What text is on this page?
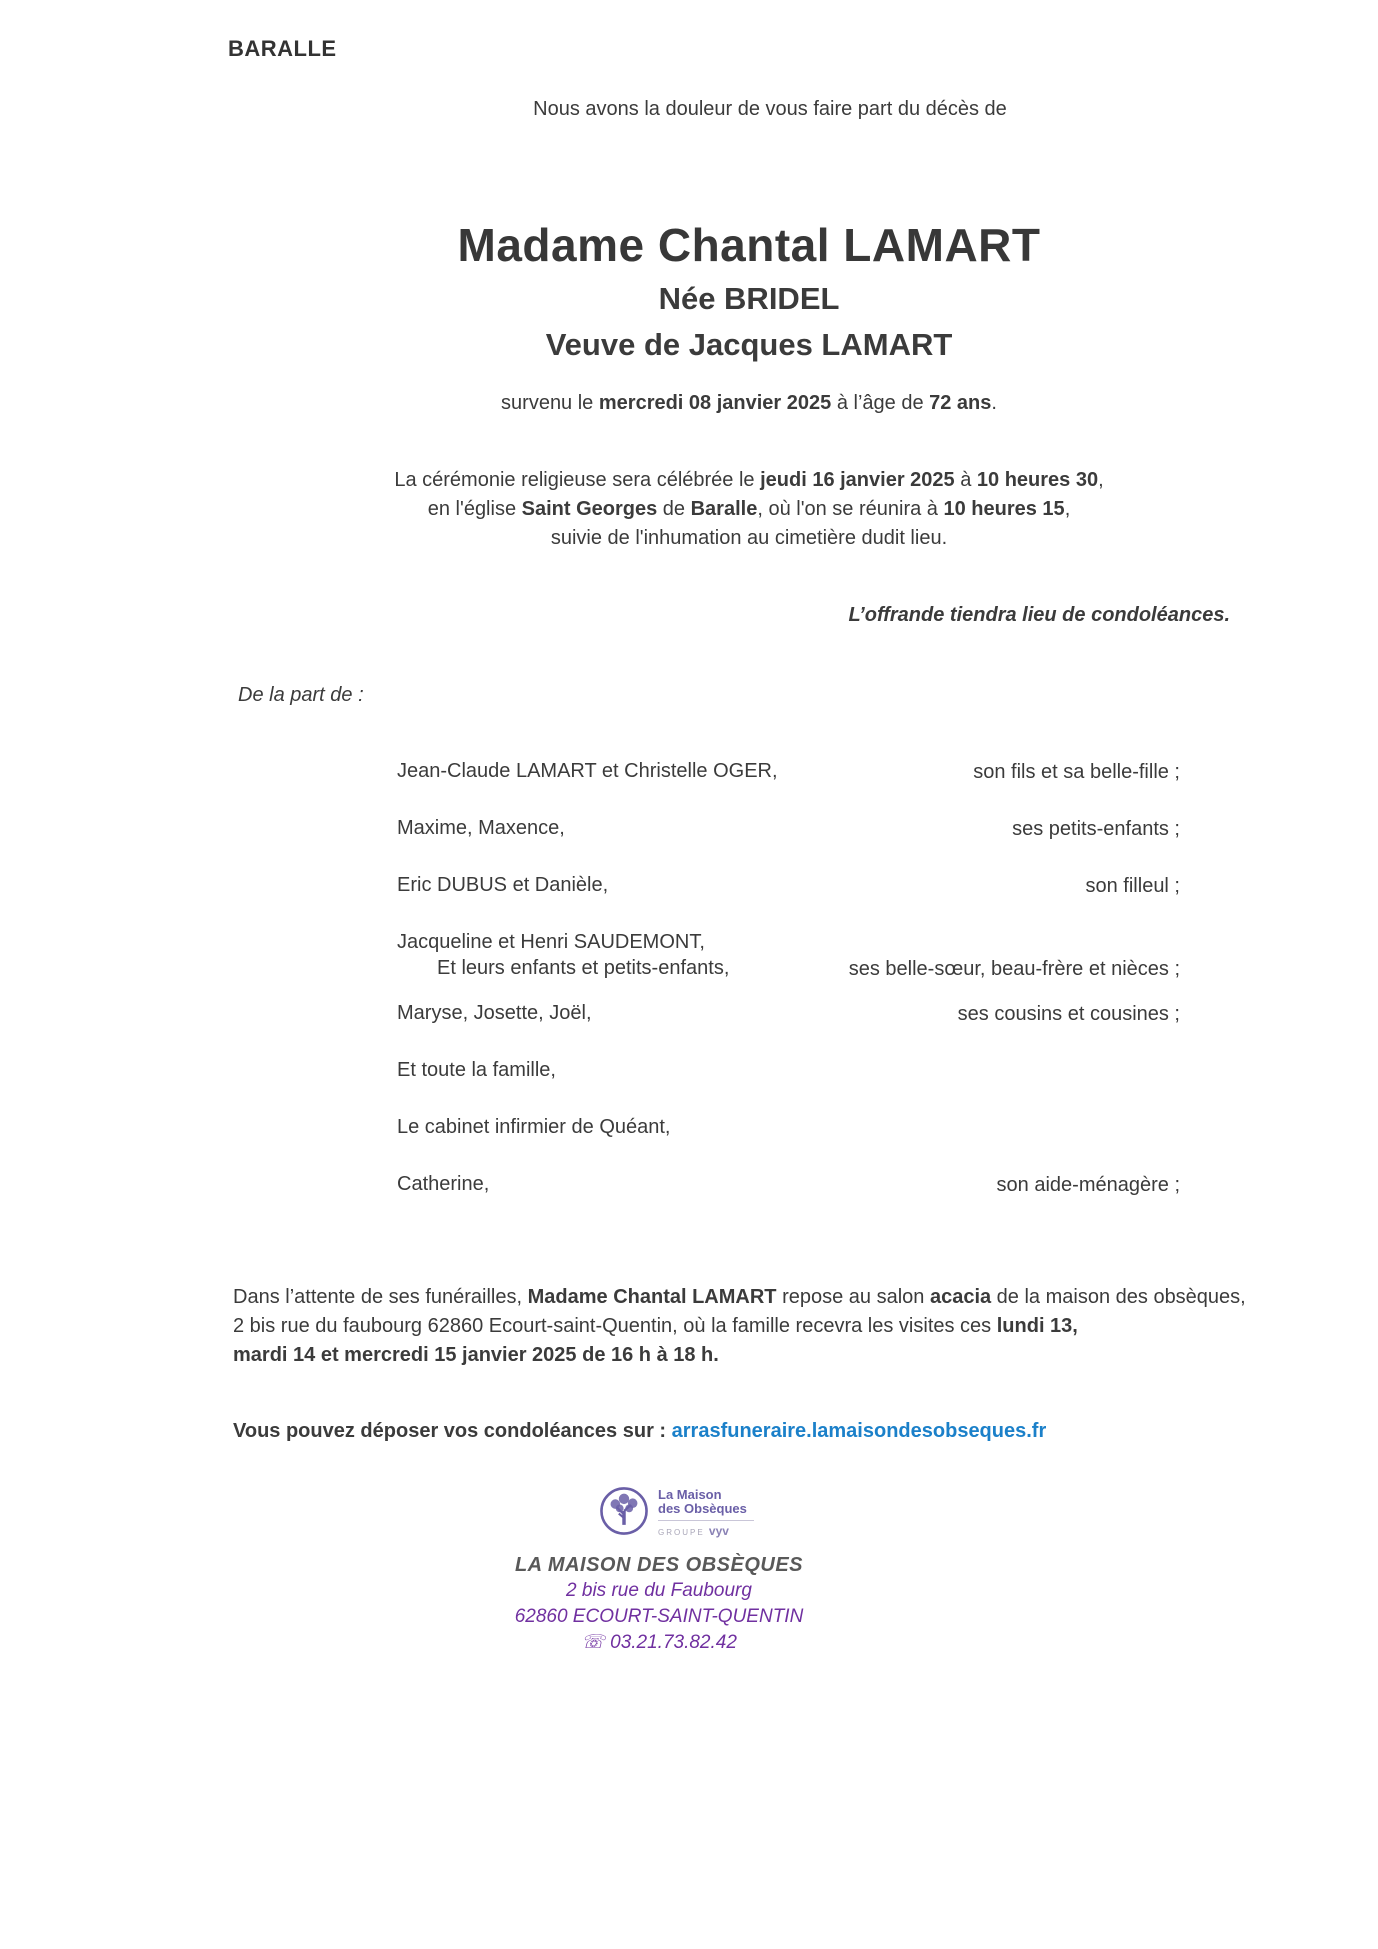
BARALLE
Nous avons la douleur de vous faire part du décès de
Madame Chantal LAMART
Née BRIDEL
Veuve de Jacques LAMART
survenu le mercredi 08 janvier 2025 à l’âge de 72 ans.
La cérémonie religieuse sera célébrée le jeudi 16 janvier 2025 à 10 heures 30,
en l'église Saint Georges de Baralle, où l'on se réunira à 10 heures 15,
suivie de l'inhumation au cimetière dudit lieu.
L’offrande tiendra lieu de condoléances.
De la part de :
Jean-Claude LAMART et Christelle OGER,	son fils et sa belle-fille ;
Maxime, Maxence,	ses petits-enfants ;
Eric DUBUS et Danièle,	son filleul ;
Jacqueline et Henri SAUDEMONT,
Et leurs enfants et petits-enfants,	ses belle-sœur, beau-frère et nièces ;
Maryse, Josette, Joël,	ses cousins et cousines ;
Et toute la famille,
Le cabinet infirmier de Quéant,
Catherine,	son aide-ménagère ;
Dans l’attente de ses funérailles, Madame Chantal LAMART repose au salon acacia de la maison des obsèques,
2 bis rue du faubourg 62860 Ecourt-saint-Quentin, où la famille recevra les visites ces lundi 13,
mardi 14 et mercredi 15 janvier 2025 de 16 h à 18 h.
Vous pouvez déposer vos condoléances sur : arrasfuneraire.lamaisondesobseques.fr
La Maison
des Obsèques
GROUPE vyv
LA MAISON DES OBSÈQUES
2 bis rue du Faubourg
62860 ECOURT-SAINT-QUENTIN
☏ 03.21.73.82.42
